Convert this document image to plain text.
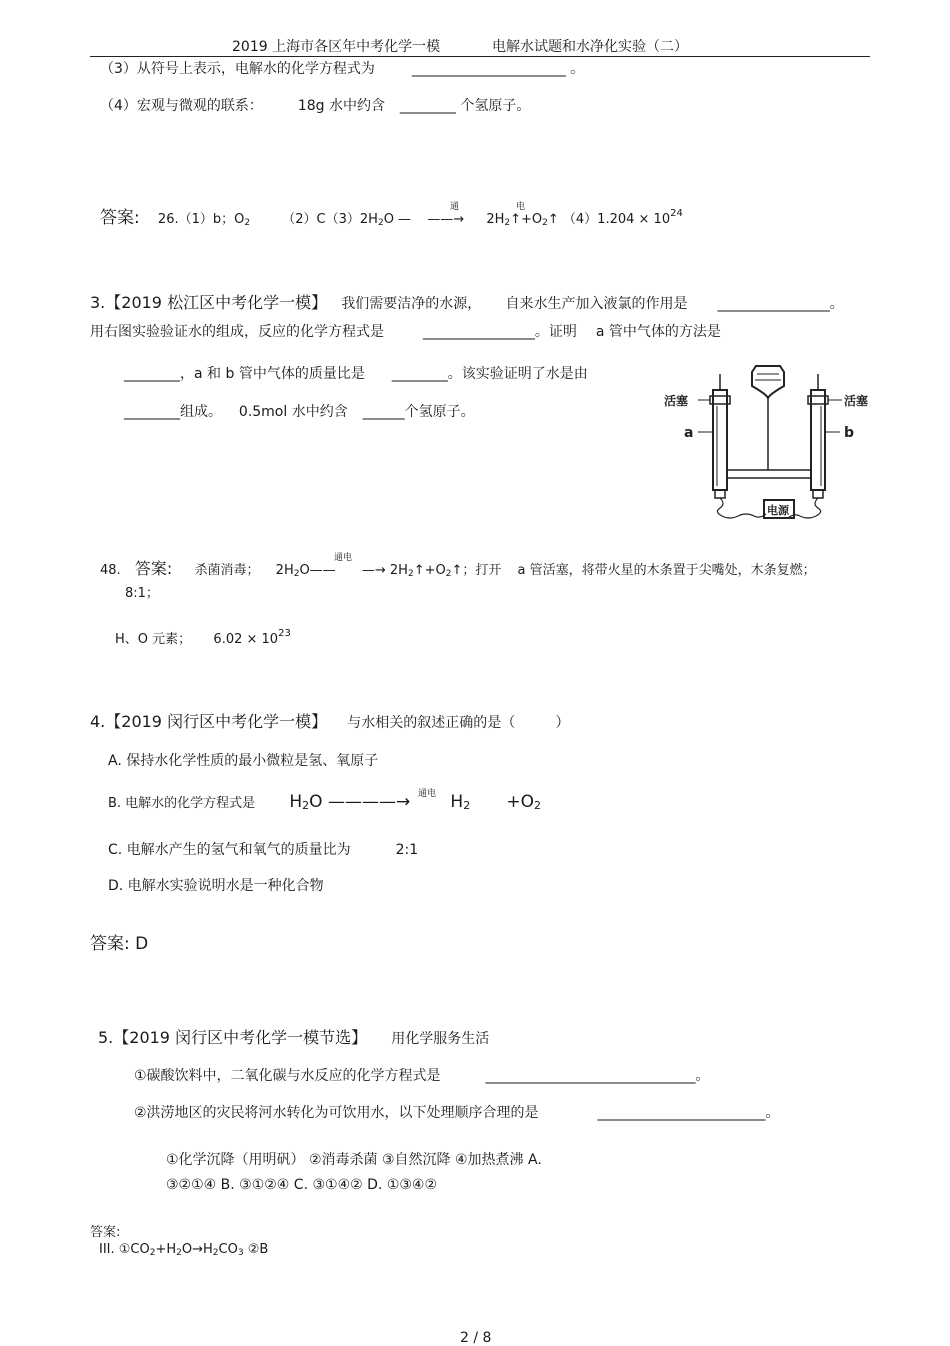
2019 上海市各区年中考化学一模	电解水试题和水净化实验（二）
（3）从符号上表示，电解水的化学方程式为	______________________ 。
（4）宏观与微观的联系： 18g 水中约含 ________ 个氢原子。
答案: 26.（1）b；O2 （2）C（3）2H2O — ——→ 2H2↑+O2↑ $(4)1.204 \times 10^{24}$
通	电
3.【2019 松江区中考化学一模】 我们需要洁净的水源， 自来水生产加入液氯的作用是 ________________。
用右图实验验证水的组成，反应的化学方程式是	________________。证明 a 管中气体的方法是
________，a 和 b 管中气体的质量比是 ________。该实验证明了水是由
________组成。 0.5mol 水中约含 ______个氢原子。
活塞	活塞
a	b
电源
48. 答案: 杀菌消毒； 2H2O—— —→ 2H2↑+O2↑；打开 a 管活塞，将带火星的木条置于尖嘴处，木条复燃；
通电
8:1；
H、O 元素； $6.02 \times 10^{23}$
4.【2019 闵行区中考化学一模】 与水相关的叙述正确的是（	）
A. 保持水化学性质的最小微粒是氢、氧原子
B. 电解水的化学方程式是 H2O ————→ H2 +O2
通电
C. 电解水产生的氢气和氧气的质量比为	2:1
D. 电解水实验说明水是一种化合物
答案: D
5.【2019 闵行区中考化学一模节选】 用化学服务生活
①碳酸饮料中，二氧化碳与水反应的化学方程式是	______________________________。
②洪涝地区的灾民将河水转化为可饮用水，以下处理顺序合理的是	________________________。
①化学沉降（用明矾） ②消毒杀菌 ③自然沉降 ④加热煮沸 A.
③②①④ B. ③①②④ C. ③①④② D. ①③④②
答案:
III. ①CO2+H2O→H2CO3 ②B
2 / 8
